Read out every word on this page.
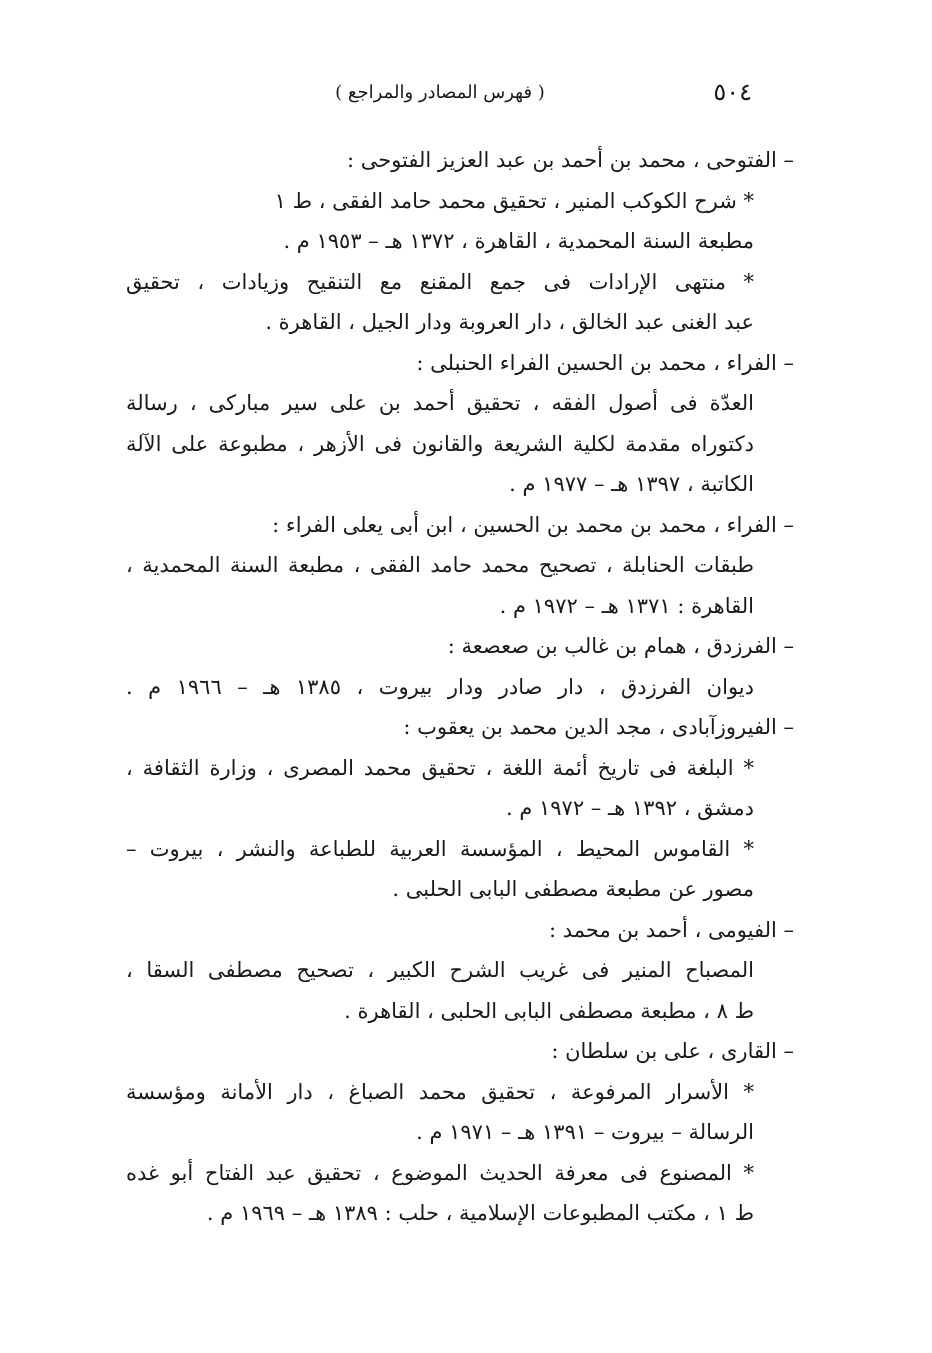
٥٠٤
( فهرس المصادر والمراجع )
– الفتوحى ، محمد بن أحمد بن عبد العزيز الفتوحى :
* شرح الكوكب المنير ، تحقيق محمد حامد الفقى ، ط ١
مطبعة السنة المحمدية ، القاهرة ، ١٣٧٢ هـ – ١٩٥٣ م .
* منتهى الإرادات فى جمع المقنع مع التنقيح وزيادات ، تحقيق
عبد الغنى عبد الخالق ، دار العروبة ودار الجيل ، القاهرة .
– الفراء ، محمد بن الحسين الفراء الحنبلى :
العدّة فى أصول الفقه ، تحقيق أحمد بن على سير مباركى ، رسالة
دكتوراه مقدمة لكلية الشريعة والقانون فى الأزهر ، مطبوعة على الآلة
الكاتبة ، ١٣٩٧ هـ – ١٩٧٧ م .
– الفراء ، محمد بن محمد بن الحسين ، ابن أبى يعلى الفراء :
طبقات الحنابلة ، تصحيح محمد حامد الفقى ، مطبعة السنة المحمدية ،
القاهرة : ١٣٧١ هـ – ١٩٧٢ م .
– الفرزدق ، همام بن غالب بن صعصعة :
ديوان الفرزدق ، دار صادر ودار بيروت ، ١٣٨٥ هـ – ١٩٦٦ م .
– الفيروزآبادى ، مجد الدين محمد بن يعقوب :
* البلغة فى تاريخ أئمة اللغة ، تحقيق محمد المصرى ، وزارة الثقافة ،
دمشق ، ١٣٩٢ هـ – ١٩٧٢ م .
* القاموس المحيط ، المؤسسة العربية للطباعة والنشر ، بيروت –
مصور عن مطبعة مصطفى البابى الحلبى .
– الفيومى ، أحمد بن محمد :
المصباح المنير فى غريب الشرح الكبير ، تصحيح مصطفى السقا ،
ط ٨ ، مطبعة مصطفى البابى الحلبى ، القاهرة .
– القارى ، على بن سلطان :
* الأسرار المرفوعة ، تحقيق محمد الصباغ ، دار الأمانة ومؤسسة
الرسالة – بيروت – ١٣٩١ هـ – ١٩٧١ م .
* المصنوع فى معرفة الحديث الموضوع ، تحقيق عبد الفتاح أبو غده
ط ١ ، مكتب المطبوعات الإسلامية ، حلب : ١٣٨٩ هـ – ١٩٦٩ م .
